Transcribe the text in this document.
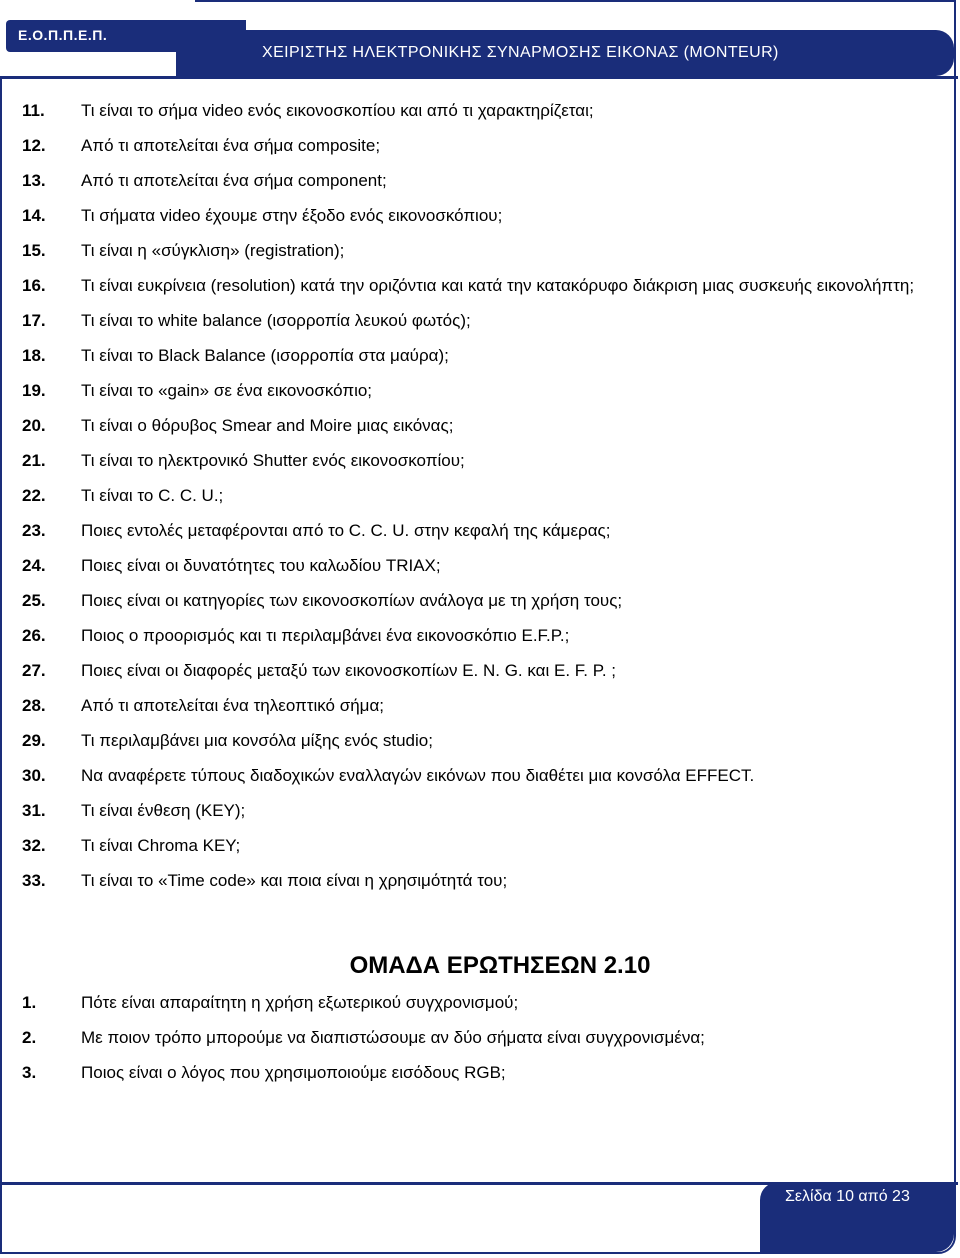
Ε.Ο.Π.Π.Ε.Π.
ΧΕΙΡΙΣΤΗΣ ΗΛΕΚΤΡΟΝΙΚΗΣ ΣΥΝΑΡΜΟΣΗΣ ΕΙΚΟΝΑΣ (MONTEUR)
11. Τι είναι το σήμα video ενός εικονοσκοπίου και από τι χαρακτηρίζεται;
12. Από τι αποτελείται ένα σήμα composite;
13. Από τι αποτελείται ένα σήμα component;
14. Τι σήματα video έχουμε στην έξοδο ενός εικονοσκόπιου;
15. Τι είναι η «σύγκλιση» (registration);
16. Τι είναι ευκρίνεια (resolution) κατά την οριζόντια και κατά την κατακόρυφο διάκριση μιας συσκευής εικονολήπτη;
17. Τι είναι το white balance (ισορροπία λευκού φωτός);
18. Τι είναι το Black Balance (ισορροπία στα μαύρα);
19. Τι είναι το «gain» σε ένα εικονοσκόπιο;
20. Τι είναι ο θόρυβος Smear and Moire μιας εικόνας;
21. Τι είναι το ηλεκτρονικό Shutter ενός εικονοσκοπίου;
22. Τι είναι το C. C. U.;
23. Ποιες εντολές μεταφέρονται από το C. C. U. στην κεφαλή της κάμερας;
24. Ποιες είναι οι δυνατότητες του καλωδίου TRIAX;
25. Ποιες είναι οι κατηγορίες των εικονοσκοπίων ανάλογα με τη χρήση τους;
26. Ποιος ο προορισμός και τι περιλαμβάνει ένα εικονοσκόπιο E.F.P.;
27. Ποιες είναι οι διαφορές μεταξύ των εικονοσκοπίων E. N. G. και E. F. P. ;
28. Από τι αποτελείται ένα τηλεοπτικό σήμα;
29. Τι περιλαμβάνει μια κονσόλα μίξης ενός studio;
30. Να αναφέρετε τύπους διαδοχικών εναλλαγών εικόνων που διαθέτει μια κονσόλα EFFECT.
31. Τι είναι ένθεση (KEY);
32. Τι είναι Chroma KEY;
33. Τι είναι το «Time code» και ποια είναι η χρησιμότητά του;
ΟΜΑΔΑ ΕΡΩΤΗΣΕΩΝ 2.10
1.	Πότε είναι απαραίτητη η χρήση εξωτερικού συγχρονισμού;
2.	Με ποιον τρόπο μπορούμε να διαπιστώσουμε αν δύο σήματα είναι συγχρονισμένα;
3.	Ποιος είναι ο λόγος που χρησιμοποιούμε εισόδους RGB;
Σελίδα 10 από 23
